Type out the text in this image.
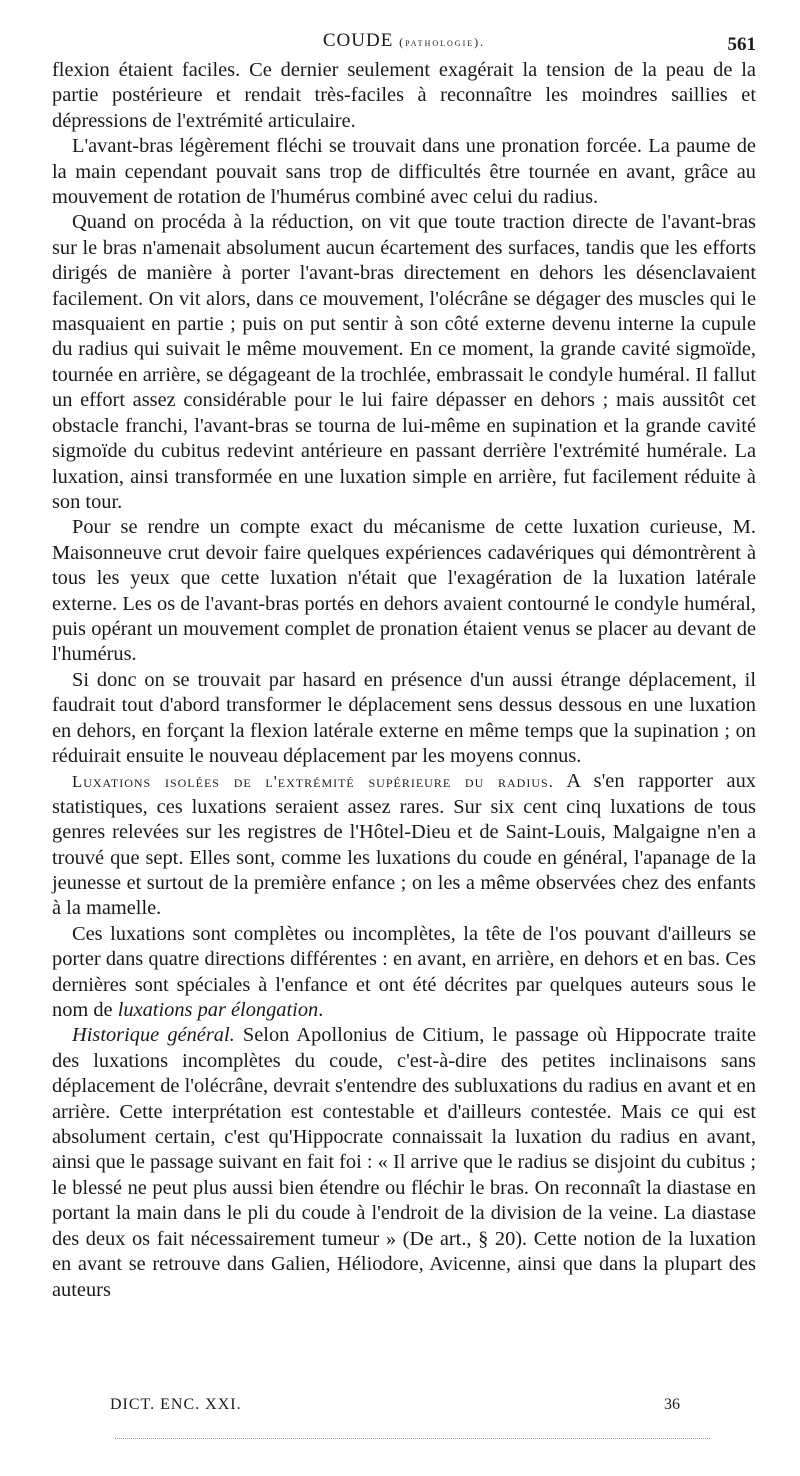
COUDE (pathologie).	561

flexion étaient faciles. Ce dernier seulement exagérait la tension de la peau de la partie postérieure et rendait très-faciles à reconnaître les moindres saillies et dépressions de l'extrémité articulaire.

L'avant-bras légèrement fléchi se trouvait dans une pronation forcée. La paume de la main cependant pouvait sans trop de difficultés être tournée en avant, grâce au mouvement de rotation de l'humérus combiné avec celui du radius.

Quand on procéda à la réduction, on vit que toute traction directe de l'avant-bras sur le bras n'amenait absolument aucun écartement des surfaces, tandis que les efforts dirigés de manière à porter l'avant-bras directement en dehors les désenclavaient facilement. On vit alors, dans ce mouvement, l'olécrâne se dégager des muscles qui le masquaient en partie ; puis on put sentir à son côté externe devenu interne la cupule du radius qui suivait le même mouvement. En ce moment, la grande cavité sigmoïde, tournée en arrière, se dégageant de la trochlée, embrassait le condyle huméral. Il fallut un effort assez considérable pour le lui faire dépasser en dehors ; mais aussitôt cet obstacle franchi, l'avant-bras se tourna de lui-même en supination et la grande cavité sigmoïde du cubitus redevint antérieure en passant derrière l'extrémité humérale. La luxation, ainsi transformée en une luxation simple en arrière, fut facilement réduite à son tour.

Pour se rendre un compte exact du mécanisme de cette luxation curieuse, M. Maisonneuve crut devoir faire quelques expériences cadavériques qui démontrèrent à tous les yeux que cette luxation n'était que l'exagération de la luxation latérale externe. Les os de l'avant-bras portés en dehors avaient contourné le condyle huméral, puis opérant un mouvement complet de pronation étaient venus se placer au devant de l'humérus.

Si donc on se trouvait par hasard en présence d'un aussi étrange déplacement, il faudrait tout d'abord transformer le déplacement sens dessus dessous en une luxation en dehors, en forçant la flexion latérale externe en même temps que la supination ; on réduirait ensuite le nouveau déplacement par les moyens connus.

Luxations isolées de l'extrémité supérieure du radius. A s'en rapporter aux statistiques, ces luxations seraient assez rares. Sur six cent cinq luxations de tous genres relevées sur les registres de l'Hôtel-Dieu et de Saint-Louis, Malgaigne n'en a trouvé que sept. Elles sont, comme les luxations du coude en général, l'apanage de la jeunesse et surtout de la première enfance ; on les a même observées chez des enfants à la mamelle.

Ces luxations sont complètes ou incomplètes, la tête de l'os pouvant d'ailleurs se porter dans quatre directions différentes : en avant, en arrière, en dehors et en bas. Ces dernières sont spéciales à l'enfance et ont été décrites par quelques auteurs sous le nom de luxations par élongation.

Historique général. Selon Apollonius de Citium, le passage où Hippocrate traite des luxations incomplètes du coude, c'est-à-dire des petites inclinaisons sans déplacement de l'olécrâne, devrait s'entendre des subluxations du radius en avant et en arrière. Cette interprétation est contestable et d'ailleurs contestée. Mais ce qui est absolument certain, c'est qu'Hippocrate connaissait la luxation du radius en avant, ainsi que le passage suivant en fait foi : « Il arrive que le radius se disjoint du cubitus ; le blessé ne peut plus aussi bien étendre ou fléchir le bras. On reconnaît la diastase en portant la main dans le pli du coude à l'endroit de la division de la veine. La diastase des deux os fait nécessairement tumeur » (De art., § 20). Cette notion de la luxation en avant se retrouve dans Galien, Héliodore, Avicenne, ainsi que dans la plupart des auteurs

DICT. ENC. XXI.	36
